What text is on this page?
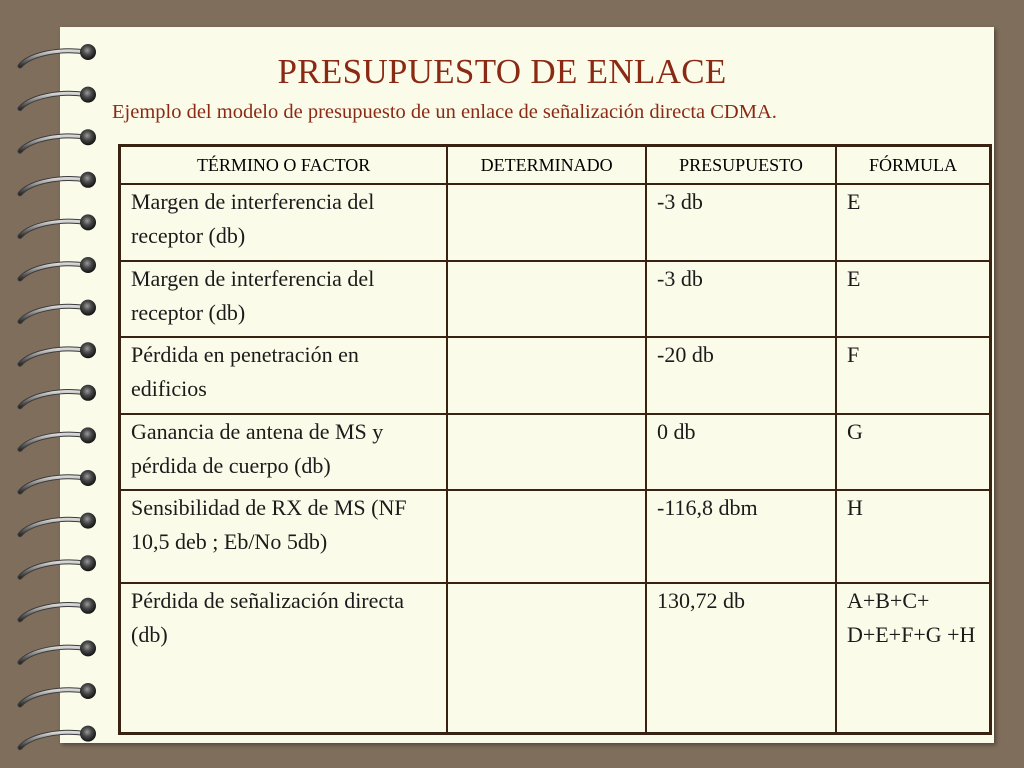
PRESUPUESTO DE ENLACE

Ejemplo del modelo de presupuesto de un enlace de señalización directa CDMA.

TÉRMINO O FACTOR	DETERMINADO	PRESUPUESTO	FÓRMULA
Margen de interferencia del receptor (db)		-3 db	E
Margen de interferencia del receptor (db)		-3 db	E
Pérdida en penetración en edificios		-20 db	F
Ganancia de antena de MS y pérdida de cuerpo (db)		0 db	G
Sensibilidad de RX de MS (NF 10,5 deb ; Eb/No 5db)		-116,8 dbm	H
Pérdida de señalización directa (db)		130,72 db	A+B+C+ D+E+F+G +H
